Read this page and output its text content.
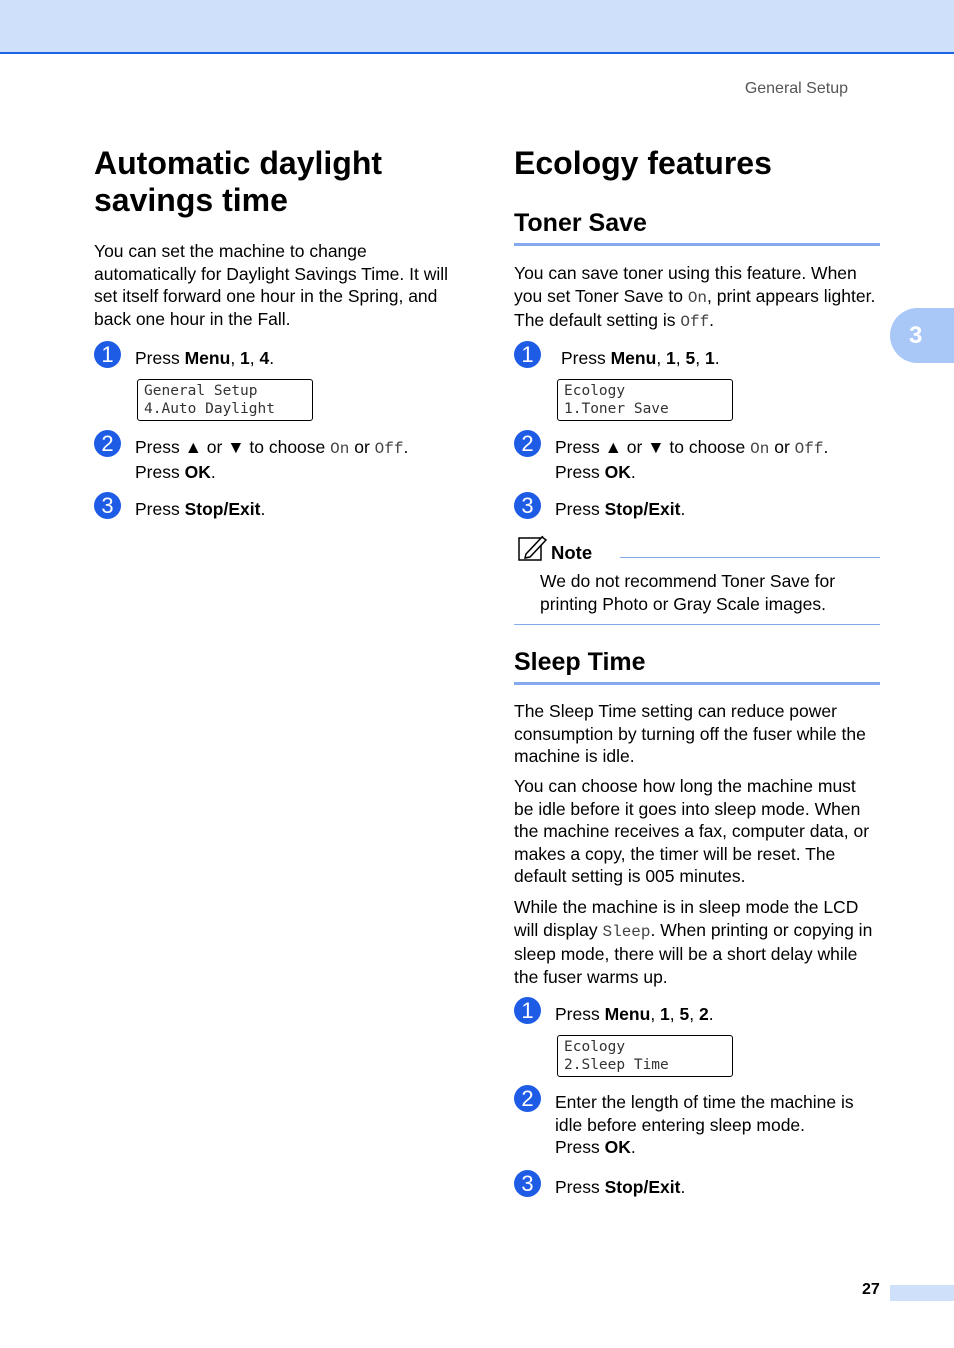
General Setup
3
Automatic daylight
savings time

You can set the machine to change automatically for Daylight Savings Time. It will set itself forward one hour in the Spring, and back one hour in the Fall.

1	Press Menu, 1, 4.
General Setup
4.Auto Daylight
2	Press ▲ or ▼ to choose On or Off.
Press OK.
3	Press Stop/Exit.
Ecology features
Toner Save

You can save toner using this feature. When you set Toner Save to On, print appears lighter. The default setting is Off.

1	Press Menu, 1, 5, 1.
Ecology
1.Toner Save
2	Press ▲ or ▼ to choose On or Off.
Press OK.
3	Press Stop/Exit.
Note

We do not recommend Toner Save for printing Photo or Gray Scale images.

Sleep Time

The Sleep Time setting can reduce power consumption by turning off the fuser while the machine is idle.

You can choose how long the machine must be idle before it goes into sleep mode. When the machine receives a fax, computer data, or makes a copy, the timer will be reset. The default setting is 005 minutes.

While the machine is in sleep mode the LCD will display Sleep. When printing or copying in sleep mode, there will be a short delay while the fuser warms up.

1	Press Menu, 1, 5, 2.
Ecology
2.Sleep Time
2	Enter the length of time the machine is idle before entering sleep mode.
Press OK.
3	Press Stop/Exit.
27
